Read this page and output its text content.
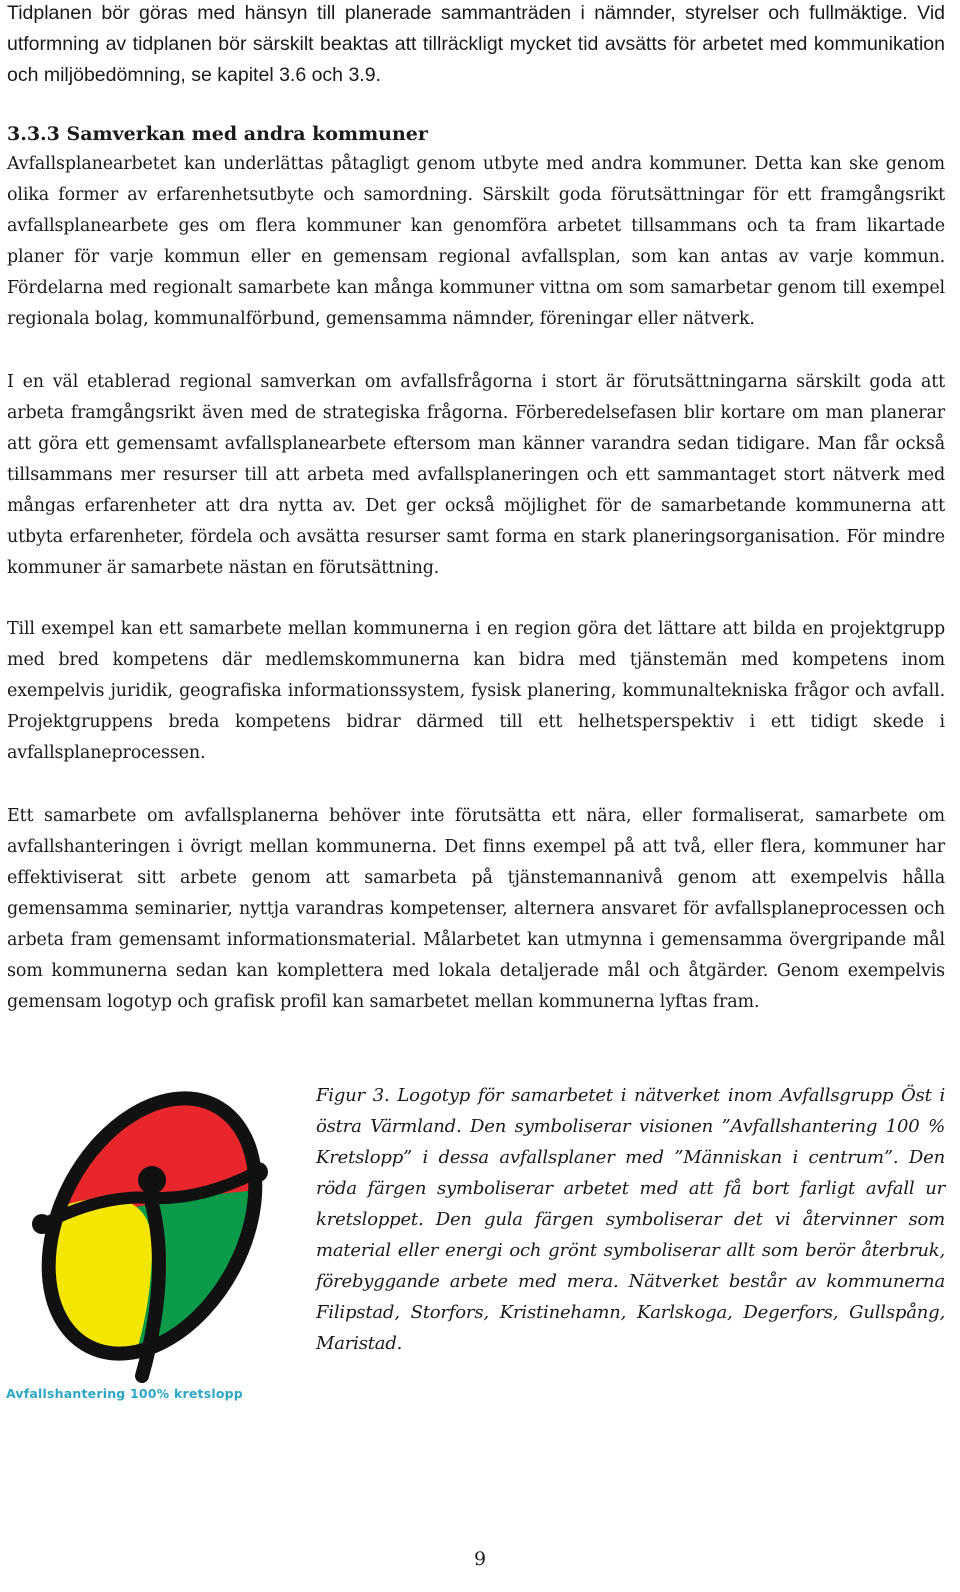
Tidplanen bör göras med hänsyn till planerade sammanträden i nämnder, styrelser och fullmäktige. Vid utformning av tidplanen bör särskilt beaktas att tillräckligt mycket tid avsätts för arbetet med kommunikation och miljöbedömning, se kapitel 3.6 och 3.9.

3.3.3 Samverkan med andra kommuner

Avfallsplanearbetet kan underlättas påtagligt genom utbyte med andra kommuner. Detta kan ske genom olika former av erfarenhetsutbyte och samordning. Särskilt goda förutsättningar för ett framgångsrikt avfallsplanearbete ges om flera kommuner kan genomföra arbetet tillsammans och ta fram likartade planer för varje kommun eller en gemensam regional avfallsplan, som kan antas av varje kommun. Fördelarna med regionalt samarbete kan många kommuner vittna om som samarbetar genom till exempel regionala bolag, kommunalförbund, gemensamma nämnder, föreningar eller nätverk.

I en väl etablerad regional samverkan om avfallsfrågorna i stort är förutsättningarna särskilt goda att arbeta framgångsrikt även med de strategiska frågorna. Förberedelsefasen blir kortare om man planerar att göra ett gemensamt avfallsplanearbete eftersom man känner varandra sedan tidigare. Man får också tillsammans mer resurser till att arbeta med avfallsplaneringen och ett sammantaget stort nätverk med mångas erfarenheter att dra nytta av. Det ger också möjlighet för de samarbetande kommunerna att utbyta erfarenheter, fördela och avsätta resurser samt forma en stark planeringsorganisation. För mindre kommuner är samarbete nästan en förutsättning.

Till exempel kan ett samarbete mellan kommunerna i en region göra det lättare att bilda en projektgrupp med bred kompetens där medlemskommunerna kan bidra med tjänstemän med kompetens inom exempelvis juridik, geografiska informationssystem, fysisk planering, kommunaltekniska frågor och avfall. Projektgruppens breda kompetens bidrar därmed till ett helhetsperspektiv i ett tidigt skede i avfallsplaneprocessen.

Ett samarbete om avfallsplanerna behöver inte förutsätta ett nära, eller formaliserat, samarbete om avfallshanteringen i övrigt mellan kommunerna. Det finns exempel på att två, eller flera, kommuner har effektiviserat sitt arbete genom att samarbeta på tjänstemannanivå genom att exempelvis hålla gemensamma seminarier, nyttja varandras kompetenser, alternera ansvaret för avfallsplaneprocessen och arbeta fram gemensamt informationsmaterial. Målarbetet kan utmynna i gemensamma övergripande mål som kommunerna sedan kan komplettera med lokala detaljerade mål och åtgärder. Genom exempelvis gemensam logotyp och grafisk profil kan samarbetet mellan kommunerna lyftas fram.

Avfallshantering 100% kretslopp

Figur 3. Logotyp för samarbetet i nätverket inom Avfallsgrupp Öst i östra Värmland. Den symboliserar visionen ”Avfallshantering 100 % Kretslopp” i dessa avfallsplaner med ”Människan i centrum”. Den röda färgen symboliserar arbetet med att få bort farligt avfall ur kretsloppet. Den gula färgen symboliserar det vi återvinner som material eller energi och grönt symboliserar allt som berör återbruk, förebyggande arbete med mera. Nätverket består av kommunerna Filipstad, Storfors, Kristinehamn, Karlskoga, Degerfors, Gullspång, Maristad.

9
